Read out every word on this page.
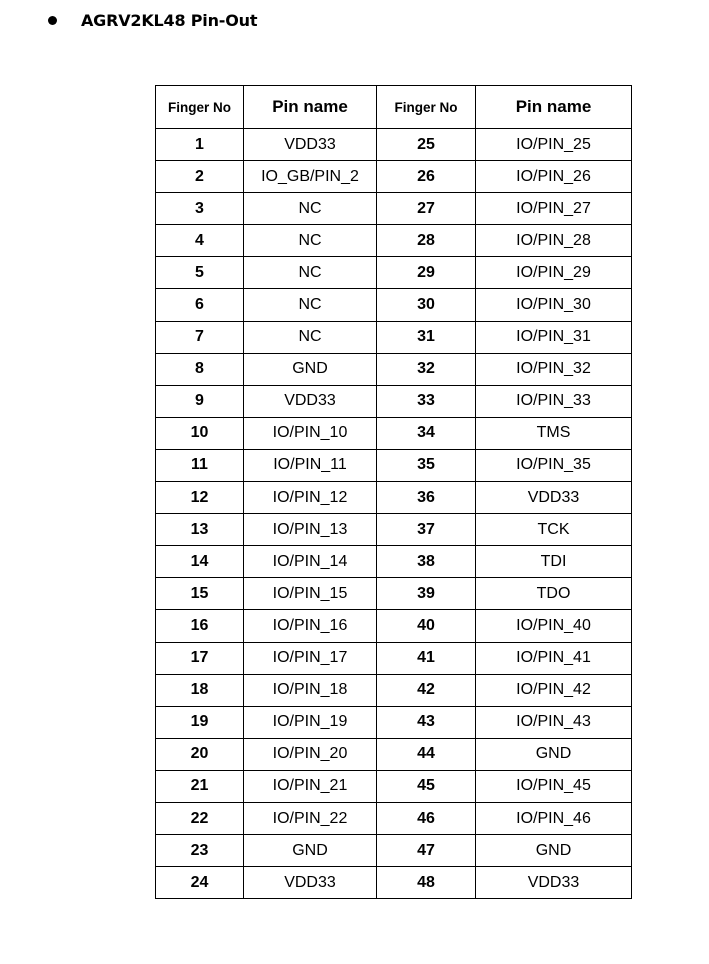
AGRV2KL48 Pin-Out
Finger No	Pin name	Finger No	Pin name
1	VDD33	25	IO/PIN_25
2	IO_GB/PIN_2	26	IO/PIN_26
3	NC	27	IO/PIN_27
4	NC	28	IO/PIN_28
5	NC	29	IO/PIN_29
6	NC	30	IO/PIN_30
7	NC	31	IO/PIN_31
8	GND	32	IO/PIN_32
9	VDD33	33	IO/PIN_33
10	IO/PIN_10	34	TMS
11	IO/PIN_11	35	IO/PIN_35
12	IO/PIN_12	36	VDD33
13	IO/PIN_13	37	TCK
14	IO/PIN_14	38	TDI
15	IO/PIN_15	39	TDO
16	IO/PIN_16	40	IO/PIN_40
17	IO/PIN_17	41	IO/PIN_41
18	IO/PIN_18	42	IO/PIN_42
19	IO/PIN_19	43	IO/PIN_43
20	IO/PIN_20	44	GND
21	IO/PIN_21	45	IO/PIN_45
22	IO/PIN_22	46	IO/PIN_46
23	GND	47	GND
24	VDD33	48	VDD33
